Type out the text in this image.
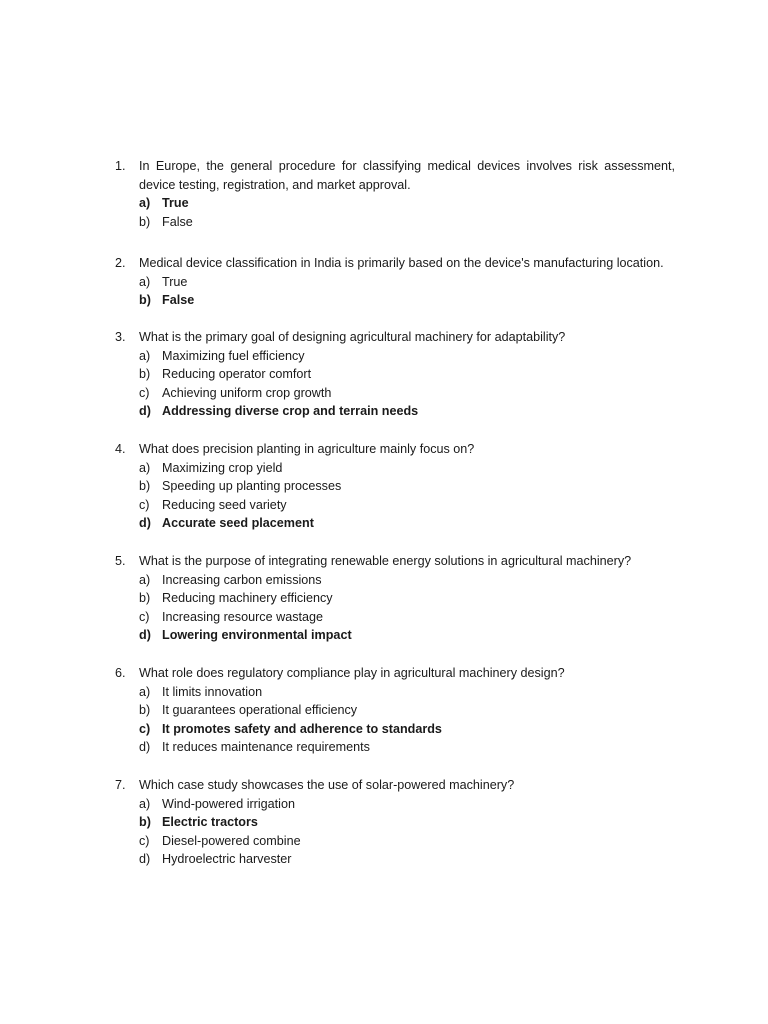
1.	In Europe, the general procedure for classifying medical devices involves risk assessment, device testing, registration, and market approval.
a) True
b) False
2.	Medical device classification in India is primarily based on the device's manufacturing location.
a) True
b) False
3.	What is the primary goal of designing agricultural machinery for adaptability?
a) Maximizing fuel efficiency
b) Reducing operator comfort
c) Achieving uniform crop growth
d) Addressing diverse crop and terrain needs
4.	What does precision planting in agriculture mainly focus on?
a) Maximizing crop yield
b) Speeding up planting processes
c) Reducing seed variety
d) Accurate seed placement
5.	What is the purpose of integrating renewable energy solutions in agricultural machinery?
a) Increasing carbon emissions
b) Reducing machinery efficiency
c) Increasing resource wastage
d) Lowering environmental impact
6.	What role does regulatory compliance play in agricultural machinery design?
a) It limits innovation
b) It guarantees operational efficiency
c) It promotes safety and adherence to standards
d) It reduces maintenance requirements
7.	Which case study showcases the use of solar-powered machinery?
a) Wind-powered irrigation
b) Electric tractors
c) Diesel-powered combine
d) Hydroelectric harvester
